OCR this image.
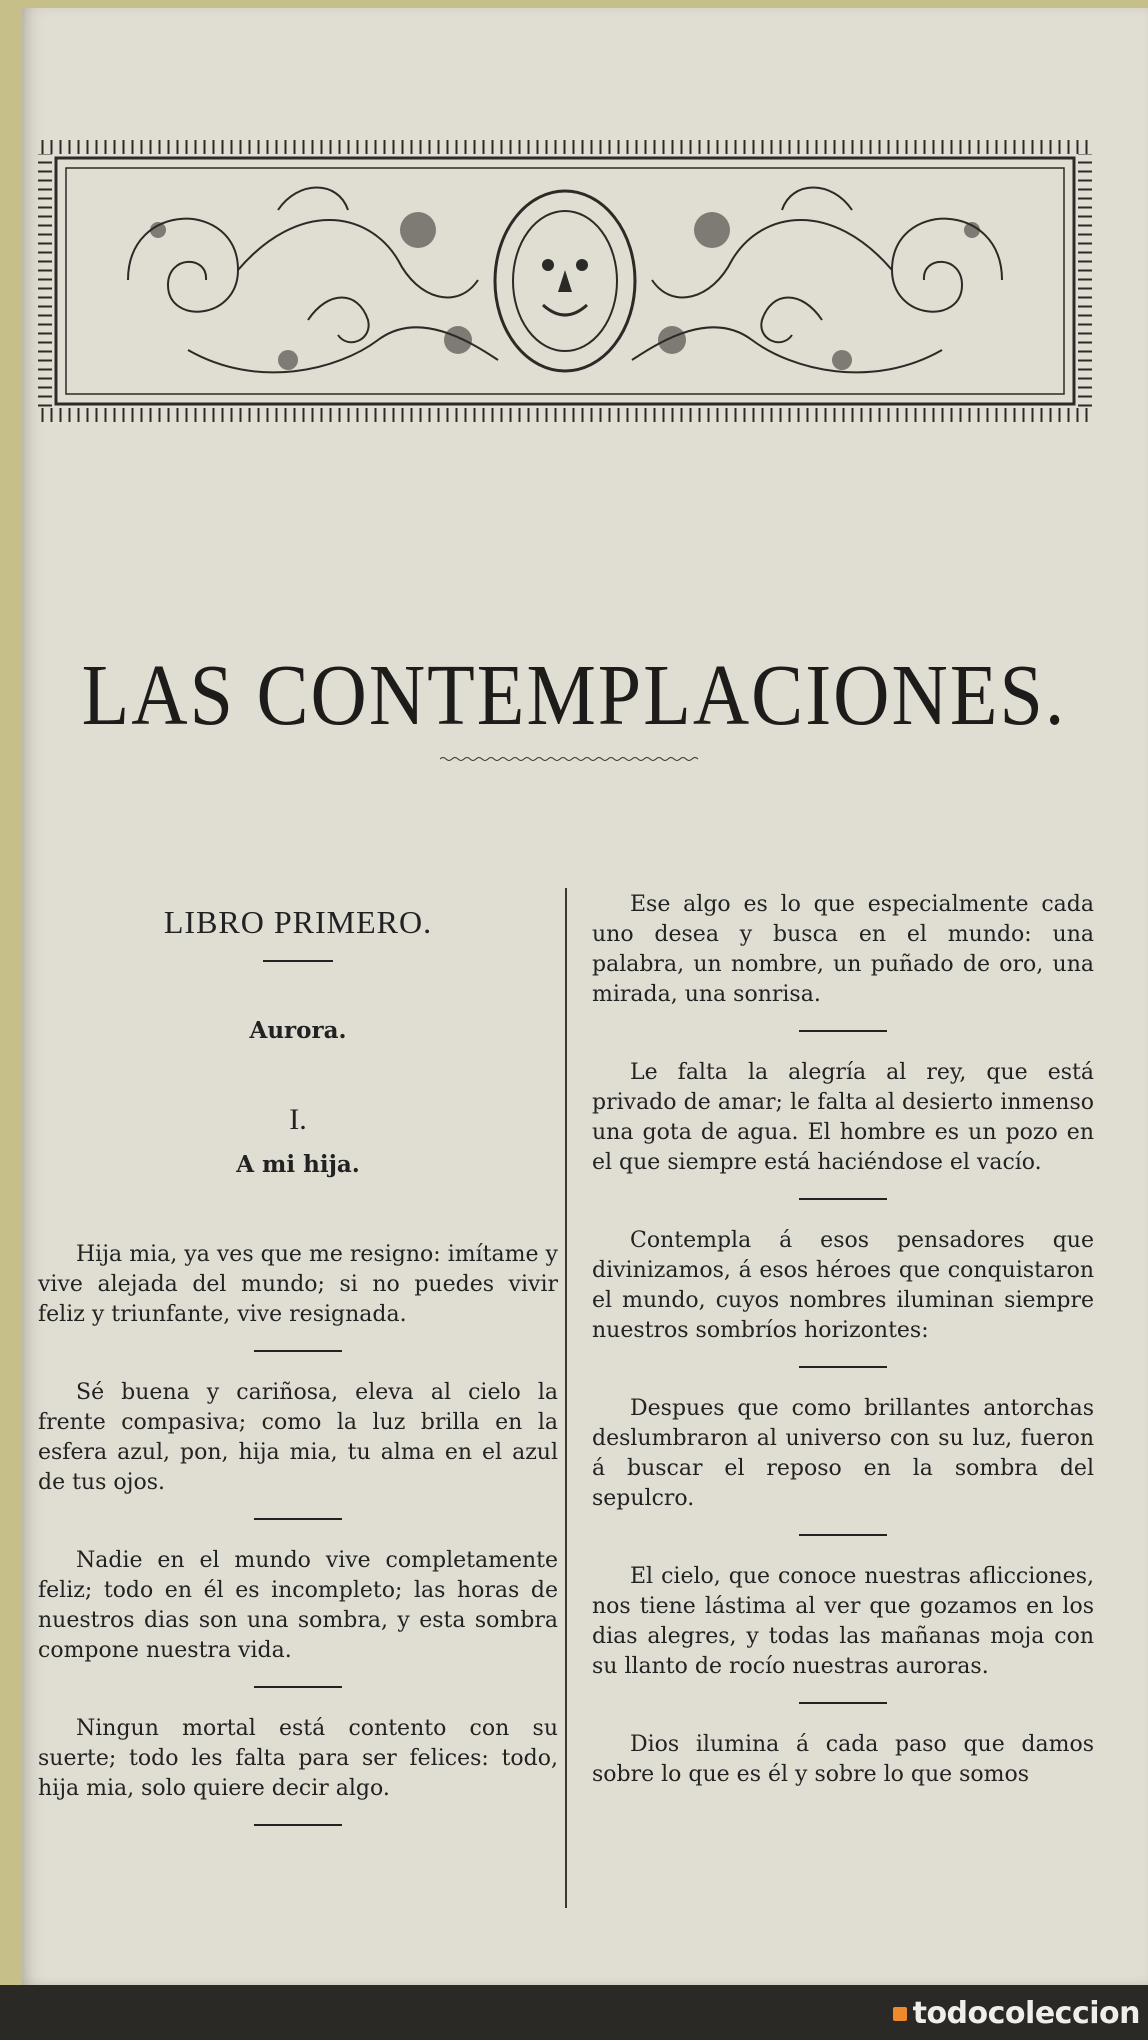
LAS CONTEMPLACIONES.
LIBRO PRIMERO.
Aurora.
I.
A mi hija.

Hija mia, ya ves que me resigno: imítame y vive alejada del mundo; si no puedes vivir feliz y triunfante, vive resignada.

Sé buena y cariñosa, eleva al cielo la frente compasiva; como la luz brilla en la esfera azul, pon, hija mia, tu alma en el azul de tus ojos.

Nadie en el mundo vive completamente feliz; todo en él es incompleto; las horas de nuestros dias son una sombra, y esta sombra compone nuestra vida.

Ningun mortal está contento con su suerte; todo les falta para ser felices: todo, hija mia, solo quiere decir algo.

Ese algo es lo que especialmente cada uno desea y busca en el mundo: una palabra, un nombre, un puñado de oro, una mirada, una sonrisa.

Le falta la alegría al rey, que está privado de amar; le falta al desierto inmenso una gota de agua. El hombre es un pozo en el que siempre está haciéndose el vacío.

Contempla á esos pensadores que divinizamos, á esos héroes que conquistaron el mundo, cuyos nombres iluminan siempre nuestros sombríos horizontes:

Despues que como brillantes antorchas deslumbraron al universo con su luz, fueron á buscar el reposo en la sombra del sepulcro.

El cielo, que conoce nuestras aflicciones, nos tiene lástima al ver que gozamos en los dias alegres, y todas las mañanas moja con su llanto de rocío nuestras auroras.

Dios ilumina á cada paso que damos sobre lo que es él y sobre lo que somos

todocoleccion
